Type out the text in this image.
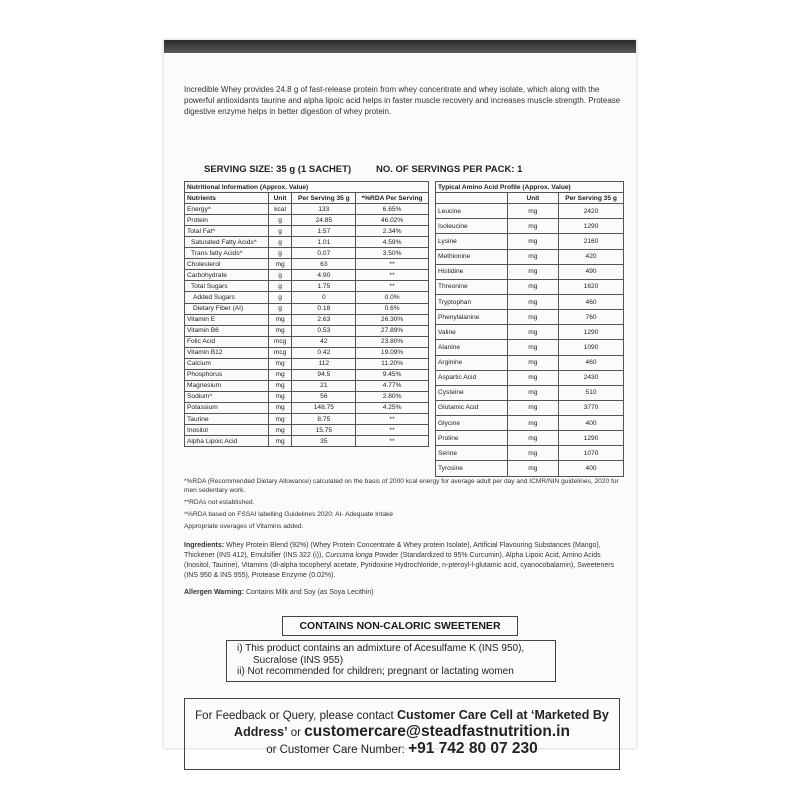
Incredible Whey provides 24.8 g of fast-release protein from whey concentrate and whey isolate, which along with the powerful antioxidants taurine and alpha lipoic acid helps in faster muscle recovery and increases muscle strength. Protease digestive enzyme helps in better digestion of whey protein.
SERVING SIZE: 35 g (1 SACHET)	NO. OF SERVINGS PER PACK: 1
Nutritional Information (Approx. Value)			
Nutrients	Unit	Per Serving 35 g	*%RDA Per Serving
Energy^	kcal	133	6.65%
Protein	g	24.85	46.02%
Total Fat^	g	1.57	2.34%
Saturated Fatty Acids^	g	1.01	4.59%
Trans fatty Acids^	g	0.07	3.50%
Cholesterol	mg	63	**
Carbohydrate	g	4.90	**
Total Sugars	g	1.75	**
Added Sugars	g	0	0.0%
Dietary Fiber (AI)	g	0.18	0.6%
Vitamin E	mg	2.63	26.30%
Vitamin B6	mg	0.53	27.89%
Folic Acid	mcg	42	23.80%
Vitamin B12	mcg	0.42	19.09%
Calcium	mg	112	11.20%
Phosphorus	mg	94.5	9.45%
Magnesium	mg	21	4.77%
Sodium^	mg	56	2.80%
Potassium	mg	148.75	4.25%
Taurine	mg	8.75	**
Inositol	mg	15.75	**
Alpha Lipoic Acid	mg	35	**
Typical Amino Acid Profile (Approx. Value)		
	Unit	Per Serving 35 g
Leucine	mg	2420
Isoleucine	mg	1290
Lysine	mg	2160
Methionine	mg	420
Histidine	mg	490
Threonine	mg	1620
Tryptophan	mg	460
Phenylalanine	mg	760
Valine	mg	1290
Alanine	mg	1090
Arginine	mg	460
Aspartic Acid	mg	2430
Cysteine	mg	510
Glutamic Acid	mg	3770
Glycine	mg	400
Proline	mg	1290
Serine	mg	1070
Tyrosine	mg	400

*%RDA (Recommended Dietary Allowance) calculated on the basis of 2000 kcal energy for average adult per day and ICMR/NIN guidelines, 2020 for men sedentary work.

**RDAs not established.

^%RDA based on FSSAI labelling Guidelines 2020; AI- Adequate Intake

Appropriate overages of Vitamins added.

Ingredients: Whey Protein Blend (92%) (Whey Protein Concentrate & Whey protein Isolate), Artificial Flavouring Substances (Mango), Thickener (INS 412), Emulsifier (INS 322 (i)), Curcuma longa Powder (Standardized to 95% Curcumin), Alpha Lipoic Acid, Amino Acids (Inositol, Taurine), Vitamins (dl-alpha tocopheryl acetate, Pyridoxine Hydrochloride, n-pteroyl-l-glutamic acid, cyanocobalamin), Sweeteners (INS 950 & INS 955), Protease Enzyme (0.02%).
Allergen Warning: Contains Milk and Soy (as Soya Lecithin)
CONTAINS NON-CALORIC SWEETENER
i) This product contains an admixture of Acesulfame K (INS 950),
Sucralose (INS 955)
ii) Not recommended for children; pregnant or lactating women
For Feedback or Query, please contact Customer Care Cell at ‘Marketed By
Address’ or customercare@steadfastnutrition.in
or Customer Care Number: +91 742 80 07 230
